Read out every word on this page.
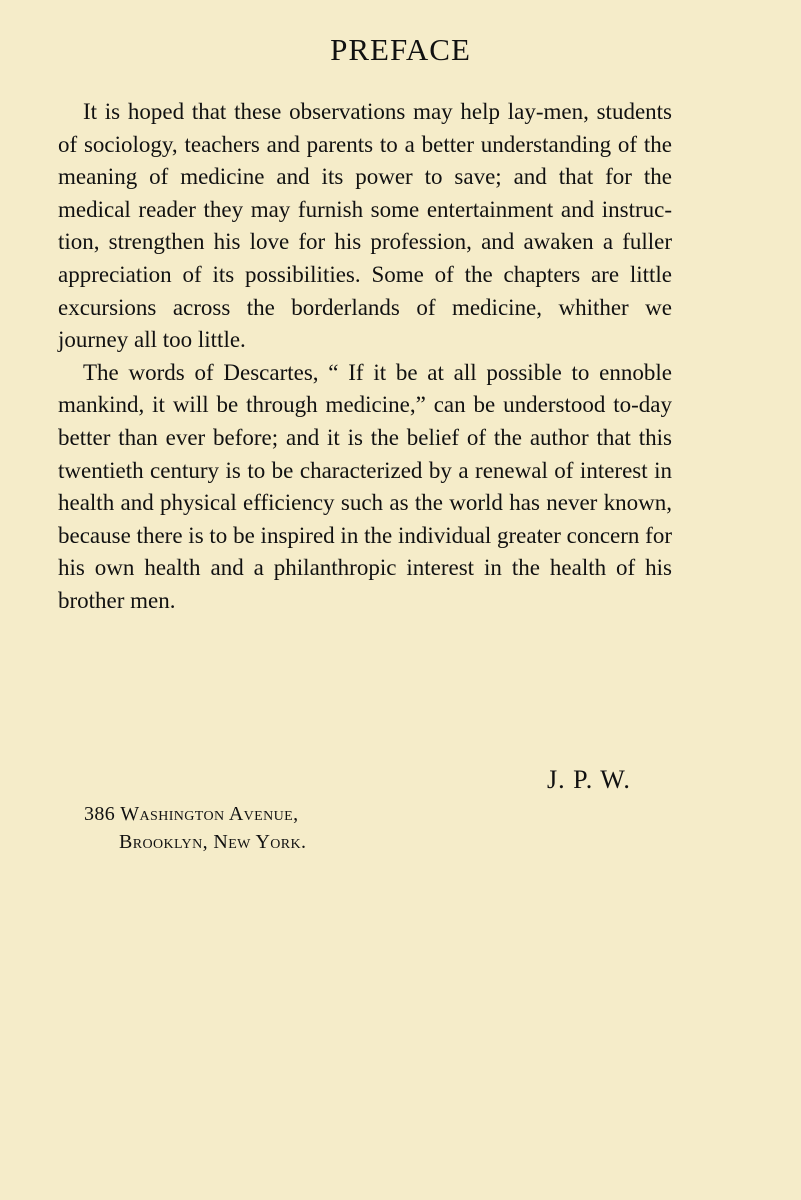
PREFACE

It is hoped that these observations may help lay-men, students of sociology, teachers and parents to a better understanding of the meaning of medicine and its power to save; and that for the medical reader they may furnish some entertainment and instruc-tion, strengthen his love for his profession, and awaken a fuller appreciation of its possibilities. Some of the chapters are little excursions across the borderlands of medicine, whither we journey all too little.

The words of Descartes, “ If it be at all possible to ennoble mankind, it will be through medicine,” can be understood to-day better than ever before; and it is the belief of the author that this twentieth century is to be characterized by a renewal of interest in health and physical efficiency such as the world has never known, because there is to be inspired in the individual greater concern for his own health and a philanthropic interest in the health of his brother men.

J. P. W.
386 Washington Avenue,
Brooklyn, New York.
